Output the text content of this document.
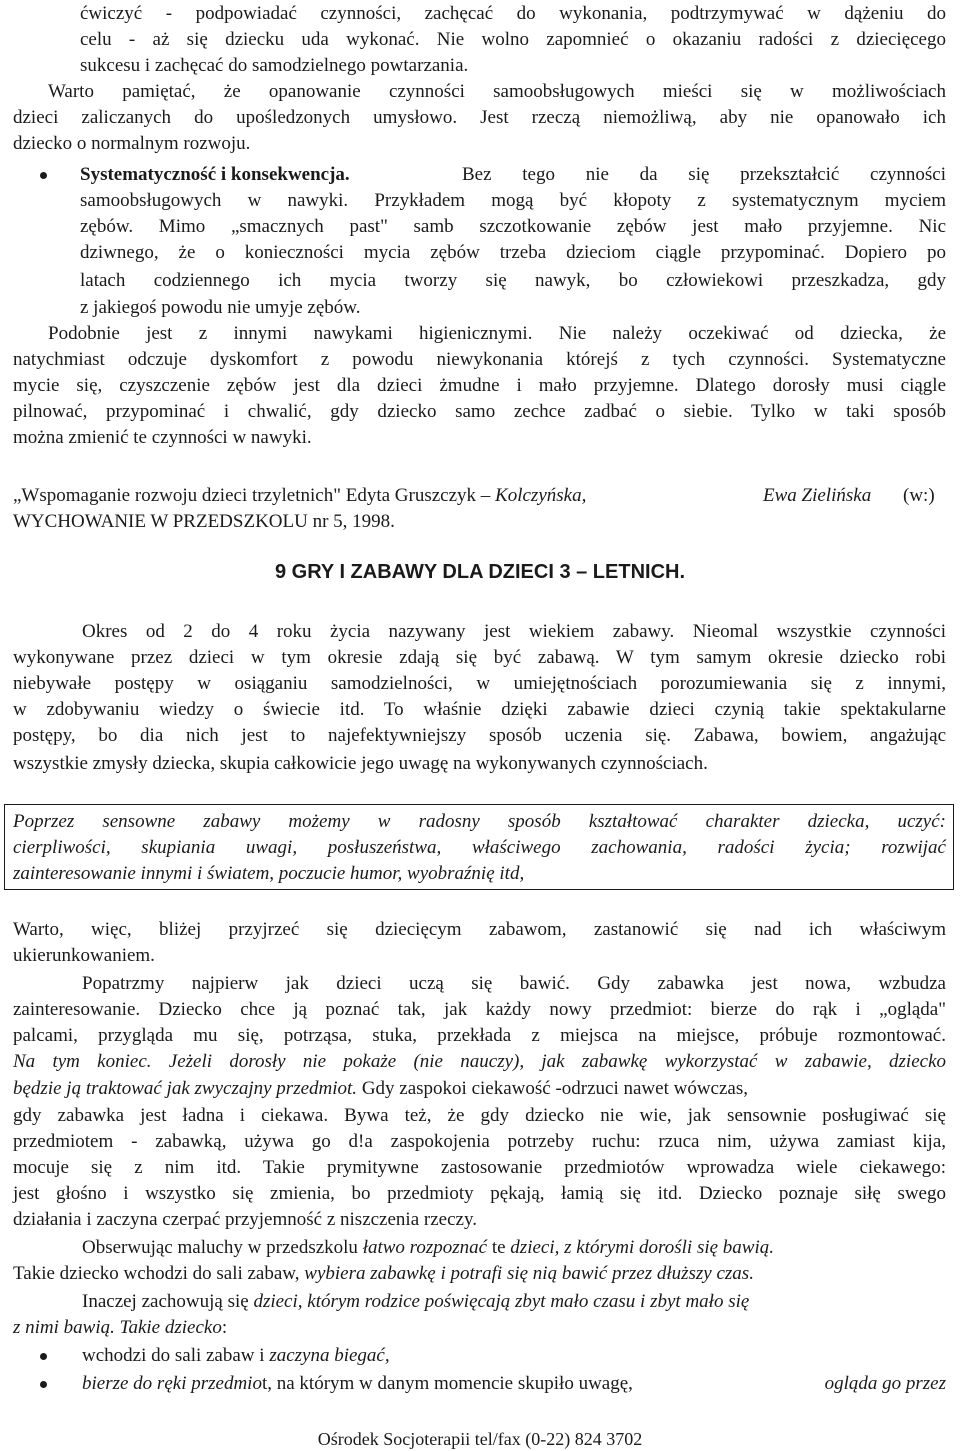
ćwiczyć - podpowiadać czynności, zachęcać do wykonania, podtrzymywać w dążeniu do

celu - aż się dziecku uda wykonać. Nie wolno zapomnieć o okazaniu radości z dziecięcego

sukcesu i zachęcać do samodzielnego powtarzania.

Warto pamiętać, że opanowanie czynności samoobsługowych mieści się w możliwościach

dzieci zaliczanych do upośledzonych umysłowo. Jest rzeczą niemożliwą, aby nie opanowało ich

dziecko o normalnym rozwoju.

Bez tego nie da się przekształcić czynności

samoobsługowych w nawyki. Przykładem mogą być kłopoty z systematycznym myciem

zębów. Mimo „smacznych past" samb szczotkowanie zębów jest mało przyjemne. Nic

dziwnego, że o konieczności mycia zębów trzeba dzieciom ciągle przypominać. Dopiero po

latach codziennego ich mycia tworzy się nawyk, bo człowiekowi przeszkadza, gdy

z jakiegoś powodu nie umyje zębów.

Podobnie jest z innymi nawykami higienicznymi. Nie należy oczekiwać od dziecka, że

natychmiast odczuje dyskomfort z powodu niewykonania którejś z tych czynności. Systematyczne

mycie się, czyszczenie zębów jest dla dzieci żmudne i mało przyjemne. Dlatego dorosły musi ciągle

pilnować, przypominać i chwalić, gdy dziecko samo zechce zadbać o siebie. Tylko w taki sposób

można zmienić te czynności w nawyki.

WYCHOWANIE W PRZEDSZKOLU nr 5, 1998.

Okres od 2 do 4 roku życia nazywany jest wiekiem zabawy. Nieomal wszystkie czynności

wykonywane przez dzieci w tym okresie zdają się być zabawą. W tym samym okresie dziecko robi

niebywałe postępy w osiąganiu samodzielności, w umiejętnościach porozumiewania się z innymi,

w zdobywaniu wiedzy o świecie itd. To właśnie dzięki zabawie dzieci czynią takie spektakularne

postępy, bo dia nich jest to najefektywniejszy sposób uczenia się. Zabawa, bowiem, angażując

wszystkie zmysły dziecka, skupia całkowicie jego uwagę na wykonywanych czynnościach.

Poprzez sensowne zabawy możemy w radosny sposób kształtować charakter dziecka, uczyć:

cierpliwości, skupiania uwagi, posłuszeństwa, właściwego zachowania, radości życia; rozwijać

zainteresowanie innymi i światem, poczucie humor, wyobraźnię itd,

Warto, więc, bliżej przyjrzeć się dziecięcym zabawom, zastanowić się nad ich właściwym

ukierunkowaniem.

Popatrzmy najpierw jak dzieci uczą się bawić. Gdy zabawka jest nowa, wzbudza

zainteresowanie. Dziecko chce ją poznać tak, jak każdy nowy przedmiot: bierze do rąk i „ogląda"

palcami, przygląda mu się, potrząsa, stuka, przekłada z miejsca na miejsce, próbuje rozmontować.

gdy zabawka jest ładna i ciekawa. Bywa też, że gdy dziecko nie wie, jak sensownie posługiwać się

przedmiotem - zabawką, używa go d!a zaspokojenia potrzeby ruchu: rzuca nim, używa zamiast kija,

mocuje się z nim itd. Takie prymitywne zastosowanie przedmiotów wprowadza wiele ciekawego:

jest głośno i wszystko się zmienia, bo przedmioty pękają, łamią się itd. Dziecko poznaje siłę swego

działania i zaczyna czerpać przyjemność z niszczenia rzeczy.

Systematyczność i konsekwencja.

„Wspomaganie rozwoju dzieci trzyletnich" Edyta Gruszczyk – Kolczyńska,	Ewa Zielińska (w:)

9 GRY I ZABAWY DLA DZIECI 3 – LETNICH.

Na tym koniec. Jeżeli dorosły nie pokaże (nie nauczy), jak zabawkę wykorzystać w zabawie, dziecko

będzie ją traktować jak zwyczajny przedmiot. Gdy zaspokoi ciekawość -odrzuci nawet wówczas,

Obserwując maluchy w przedszkolu łatwo rozpoznać te dzieci, z którymi dorośli się bawią.

Takie dziecko wchodzi do sali zabaw, wybiera zabawkę i potrafi się nią bawić przez dłuższy czas.

Inaczej zachowują się dzieci, którym rodzice poświęcają zbyt mało czasu i zbyt mało się

z nimi bawią. Takie dziecko:

wchodzi do sali zabaw i zaczyna biegać,

bierze do ręki przedmiot, na którym w danym momencie skupiło uwagę,	ogląda go przez

Ośrodek Socjoterapii tel/fax (0-22) 824 3702
